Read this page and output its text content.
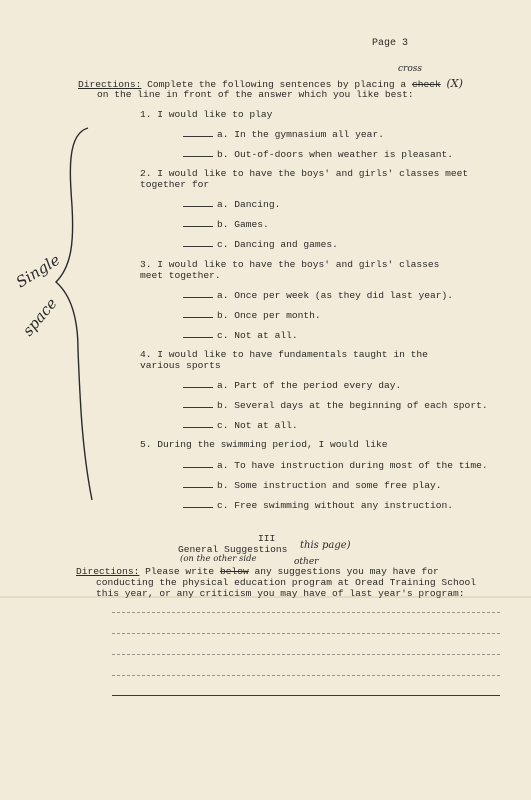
Page 3
Directions: Complete the following sentences by placing a check (X)
cross
on the line in front of the answer which you like best:
1. I would like to play
a. In the gymnasium all year.
b. Out-of-doors when weather is pleasant.
2. I would like to have the boys' and girls' classes meet
together for
a. Dancing.
b. Games.
c. Dancing and games.
3. I would like to have the boys' and girls' classes
meet together.
a. Once per week (as they did last year).
b. Once per month.
c. Not at all.
4. I would like to have fundamentals taught in the
various sports
a. Part of the period every day.
b. Several days at the beginning of each sport.
c. Not at all.
5. During the swimming period, I would like
a. To have instruction during most of the time.
b. Some instruction and some free play.
c. Free swimming without any instruction.
Single
space
III
General Suggestions this page)
(on the other side
Directions: Please write below any suggestions you may have for
other
conducting the physical education program at Oread Training School
this year, or any criticism you may have of last year's program:
